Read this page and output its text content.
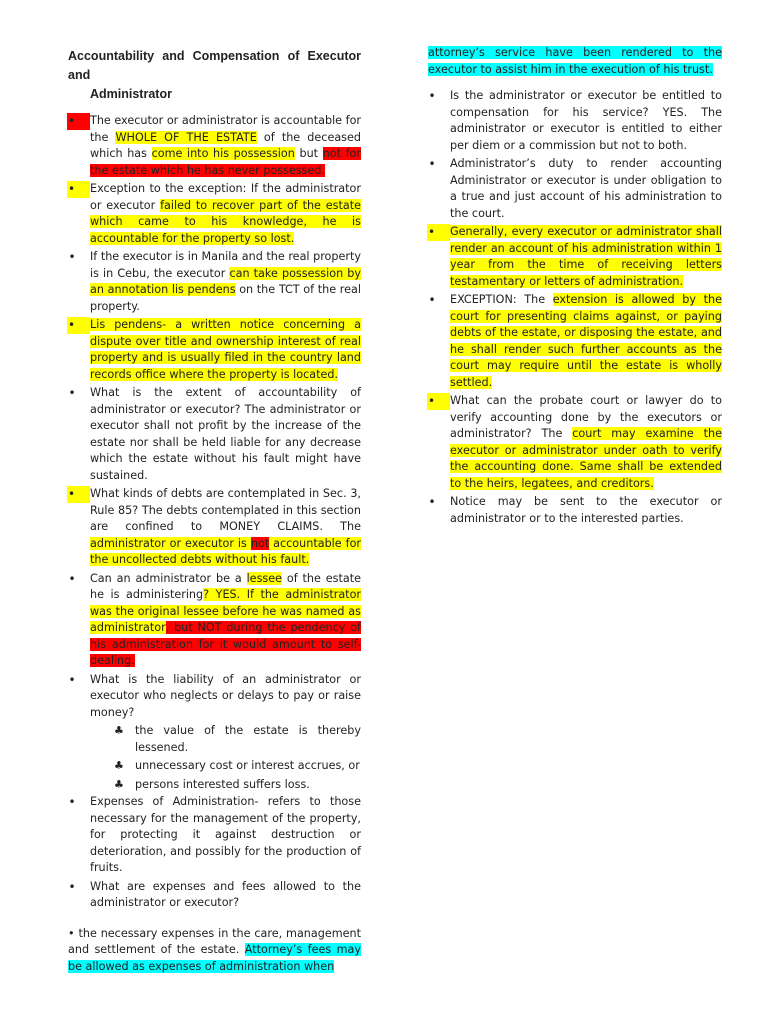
Accountability and Compensation of Executor and
Administrator
•	The executor or administrator is accountable for the WHOLE OF THE ESTATE of the deceased which has come into his possession but not for the estate which he has never possessed.
•	Exception to the exception: If the administrator or executor failed to recover part of the estate which came to his knowledge, he is accountable for the property so lost.
• If the executor is in Manila and the real property is in Cebu, the executor can take possession by an annotation lis pendens on the TCT of the real property.
•	Lis pendens- a written notice concerning a dispute over title and ownership interest of real property and is usually filed in the country land records office where the property is located.
• What is the extent of accountability of administrator or executor? The administrator or executor shall not profit by the increase of the estate nor shall be held liable for any decrease which the estate without his fault might have sustained.
•	What kinds of debts are contemplated in Sec. 3, Rule 85? The debts contemplated in this section are confined to MONEY CLAIMS. The administrator or executor is not accountable for the uncollected debts without his fault.
• Can an administrator be a lessee of the estate he is administering? YES. If the administrator was the original lessee before he was named as administrator, but NOT during the pendency of his administration for it would amount to self-dealing.
• What is the liability of an administrator or executor who neglects or delays to pay or raise money?
♣ the value of the estate is thereby lessened.
♣ unnecessary cost or interest accrues, or
♣ persons interested suffers loss.
• Expenses of Administration- refers to those necessary for the management of the property, for protecting it against destruction or deterioration, and possibly for the production of fruits.
• What are expenses and fees allowed to the administrator or executor?

• the necessary expenses in the care, management and settlement of the estate. Attorney’s fees may be allowed as expenses of administration when

attorney’s service have been rendered to the executor to assist him in the execution of his trust.

• Is the administrator or executor be entitled to compensation for his service? YES. The administrator or executor is entitled to either per diem or a commission but not to both.
• Administrator’s duty to render accounting Administrator or executor is under obligation to a true and just account of his administration to the court.
•	Generally, every executor or administrator shall render an account of his administration within 1 year from the time of receiving letters testamentary or letters of administration.
• EXCEPTION: The extension is allowed by the court for presenting claims against, or paying debts of the estate, or disposing the estate, and he shall render such further accounts as the court may require until the estate is wholly settled.
•	What can the probate court or lawyer do to verify accounting done by the executors or administrator? The court may examine the executor or administrator under oath to verify the accounting done. Same shall be extended to the heirs, legatees, and creditors.
• Notice may be sent to the executor or administrator or to the interested parties.
